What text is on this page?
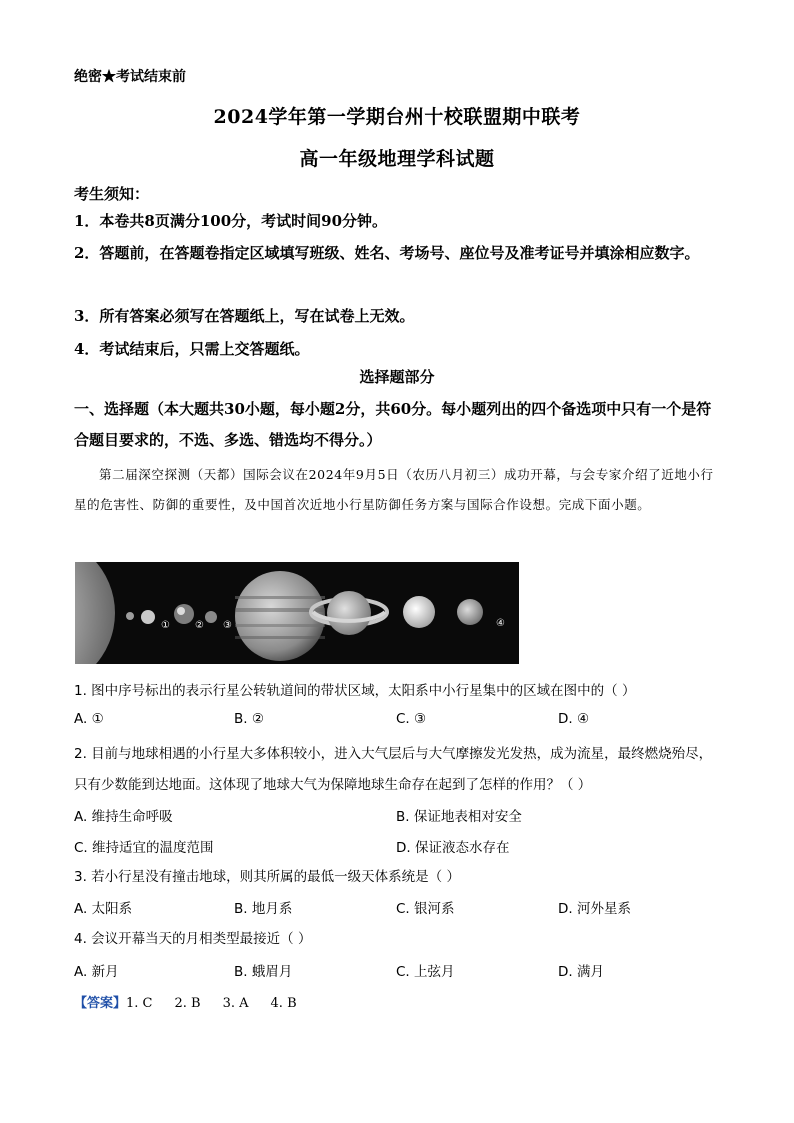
绝密★考试结束前
2024学年第一学期台州十校联盟期中联考
高一年级地理学科试题
考生须知：
1．本卷共8页满分100分，考试时间90分钟。
2．答题前，在答题卷指定区域填写班级、姓名、考场号、座位号及准考证号并填涂相应数字。
3．所有答案必须写在答题纸上，写在试卷上无效。
4．考试结束后，只需上交答题纸。
选择题部分
一、选择题（本大题共30小题，每小题2分，共60分。每小题列出的四个备选项中只有一个是符合题目要求的，不选、多选、错选均不得分。）
第二届深空探测（天都）国际会议在2024年9月5日（农历八月初三）成功开幕，与会专家介绍了近地小行星的危害性、防御的重要性，及中国首次近地小行星防御任务方案与国际合作设想。完成下面小题。
①	② ③	④
1. 图中序号标出的表示行星公转轨道间的带状区域，太阳系中小行星集中的区域在图中的（ ）
A. ①	B. ②	C. ③	D. ④
2. 目前与地球相遇的小行星大多体积较小，进入大气层后与大气摩擦发光发热，成为流星，最终燃烧殆尽，只有少数能到达地面。这体现了地球大气为保障地球生命存在起到了怎样的作用？（ ）
A. 维持生命呼吸	B. 保证地表相对安全
C. 维持适宜的温度范围	D. 保证液态水存在
3. 若小行星没有撞击地球，则其所属的最低一级天体系统是（ ）
A. 太阳系	B. 地月系	C. 银河系	D. 河外星系
4. 会议开幕当天的月相类型最接近（ ）
A. 新月	B. 蛾眉月	C. 上弦月	D. 满月
【答案】1. C 2. B 3. A 4. B
